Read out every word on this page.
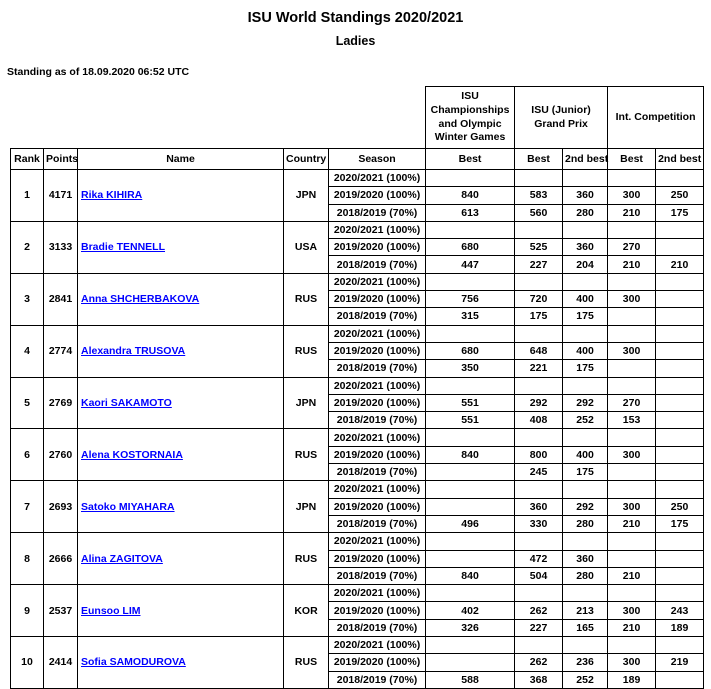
ISU World Standings 2020/2021
Ladies
Standing as of 18.09.2020 06:52 UTC
					ISU Championships and Olympic Winter Games	ISU (Junior) Grand Prix		Int. Competition	
Rank	Points	Name	Country	Season	Best	Best	2nd best	Best	2nd best
1	4171	Rika KIHIRA	JPN	2020/2021 (100%)					
				2019/2020 (100%)	840	583	360	300	250
				2018/2019 (70%)	613	560	280	210	175
2	3133	Bradie TENNELL	USA	2020/2021 (100%)					
				2019/2020 (100%)	680	525	360	270	
				2018/2019 (70%)	447	227	204	210	210
3	2841	Anna SHCHERBAKOVA	RUS	2020/2021 (100%)					
				2019/2020 (100%)	756	720	400	300	
				2018/2019 (70%)	315	175	175		
4	2774	Alexandra TRUSOVA	RUS	2020/2021 (100%)					
				2019/2020 (100%)	680	648	400	300	
				2018/2019 (70%)	350	221	175		
5	2769	Kaori SAKAMOTO	JPN	2020/2021 (100%)					
				2019/2020 (100%)	551	292	292	270	
				2018/2019 (70%)	551	408	252	153	
6	2760	Alena KOSTORNAIA	RUS	2020/2021 (100%)					
				2019/2020 (100%)	840	800	400	300	
				2018/2019 (70%)		245	175		
7	2693	Satoko MIYAHARA	JPN	2020/2021 (100%)					
				2019/2020 (100%)		360	292	300	250
				2018/2019 (70%)	496	330	280	210	175
8	2666	Alina ZAGITOVA	RUS	2020/2021 (100%)					
				2019/2020 (100%)		472	360		
				2018/2019 (70%)	840	504	280	210	
9	2537	Eunsoo LIM	KOR	2020/2021 (100%)					
				2019/2020 (100%)	402	262	213	300	243
				2018/2019 (70%)	326	227	165	210	189
10	2414	Sofia SAMODUROVA	RUS	2020/2021 (100%)					
				2019/2020 (100%)		262	236	300	219
				2018/2019 (70%)	588	368	252	189	
